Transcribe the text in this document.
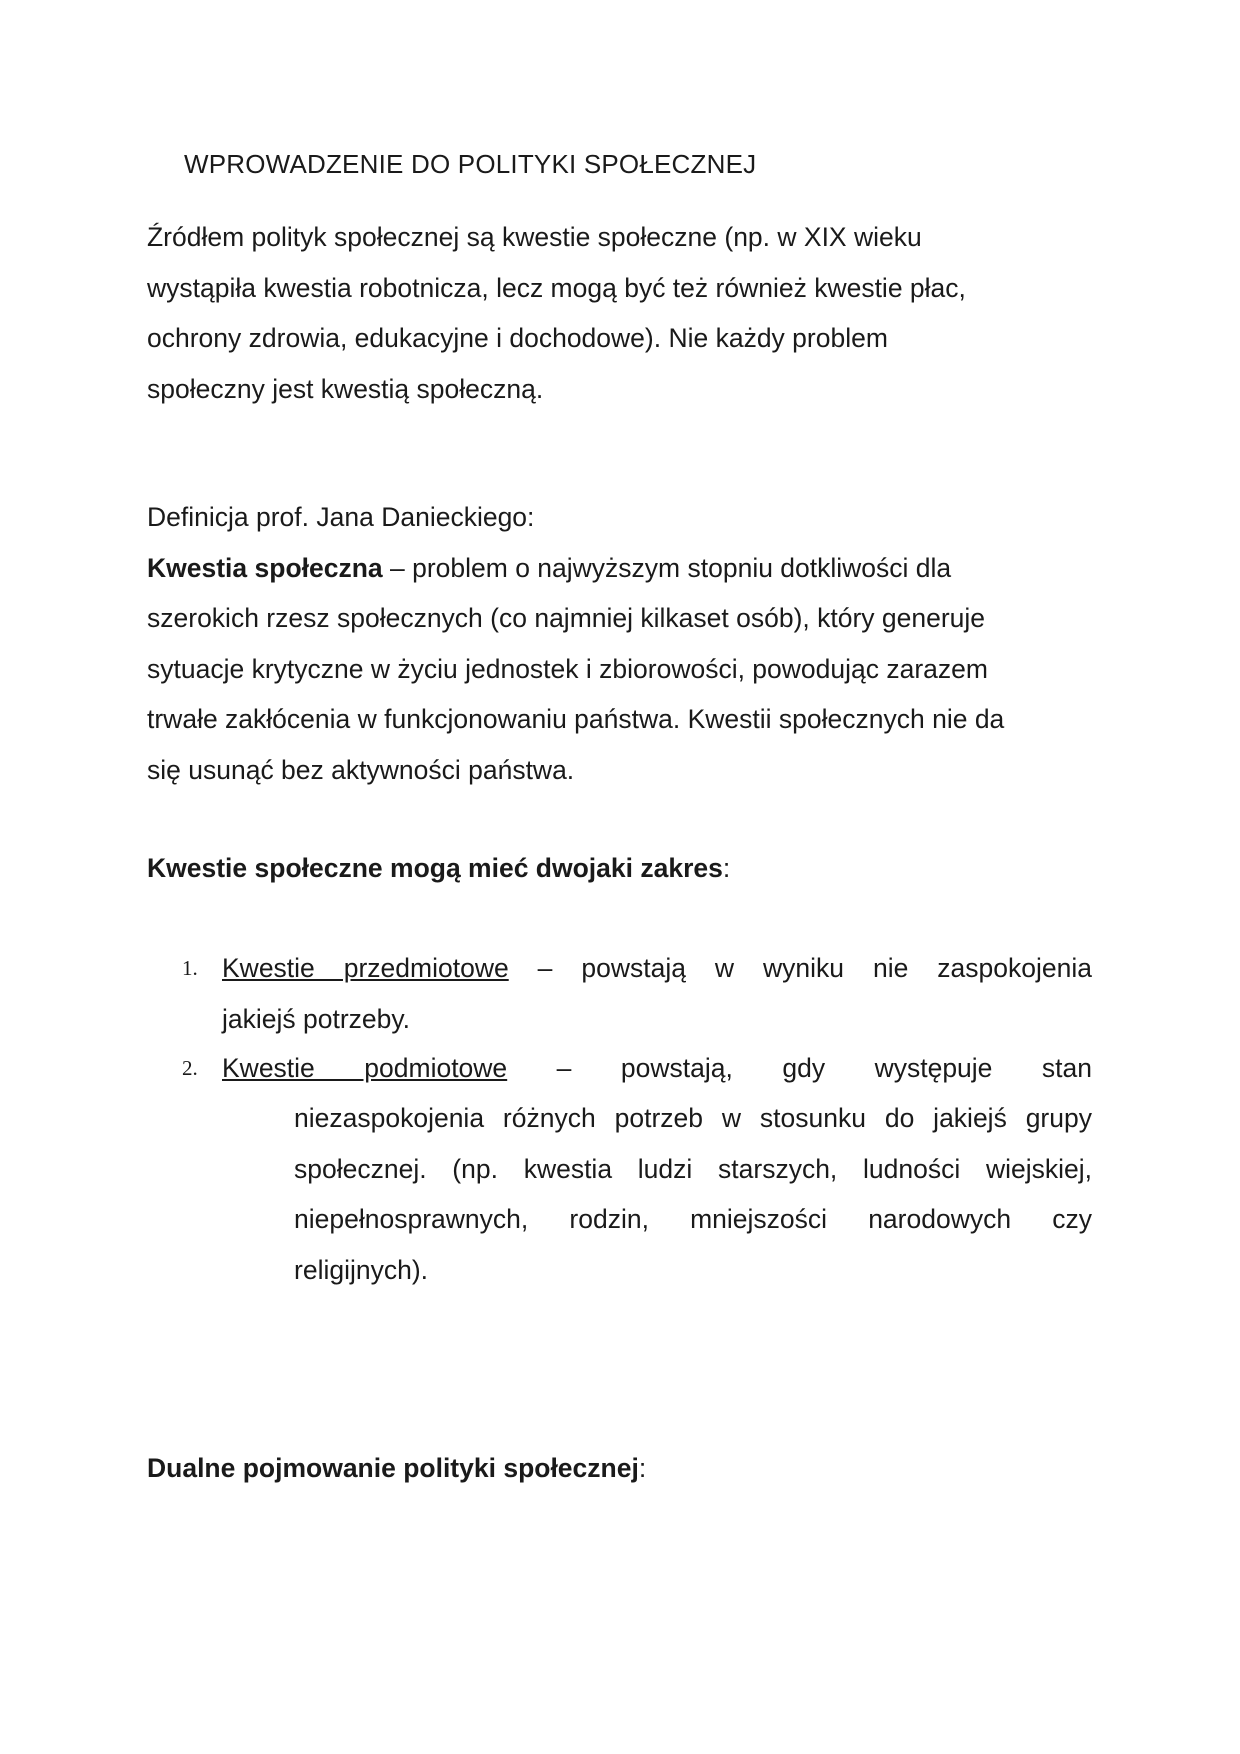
WPROWADZENIE DO POLITYKI SPOŁECZNEJ
Źródłem polityk społecznej są kwestie społeczne (np. w XIX wieku
wystąpiła kwestia robotnicza, lecz mogą być też również kwestie płac,
ochrony zdrowia, edukacyjne i dochodowe). Nie każdy problem
społeczny jest kwestią społeczną.
Definicja prof. Jana Danieckiego:
Kwestia społeczna – problem o najwyższym stopniu dotkliwości dla
szerokich rzesz społecznych (co najmniej kilkaset osób), który generuje
sytuacje krytyczne w życiu jednostek i zbiorowości, powodując zarazem
trwałe zakłócenia w funkcjonowaniu państwa. Kwestii społecznych nie da
się usunąć bez aktywności państwa.
Kwestie społeczne mogą mieć dwojaki zakres:
1. Kwestie przedmiotowe – powstają w wyniku nie zaspokojenia
jakiejś potrzeby.
2. Kwestie podmiotowe – powstają, gdy występuje stan
niezaspokojenia różnych potrzeb w stosunku do jakiejś grupy
społecznej. (np. kwestia ludzi starszych, ludności wiejskiej,
niepełnosprawnych, rodzin, mniejszości narodowych czy
religijnych).
Dualne pojmowanie polityki społecznej:
